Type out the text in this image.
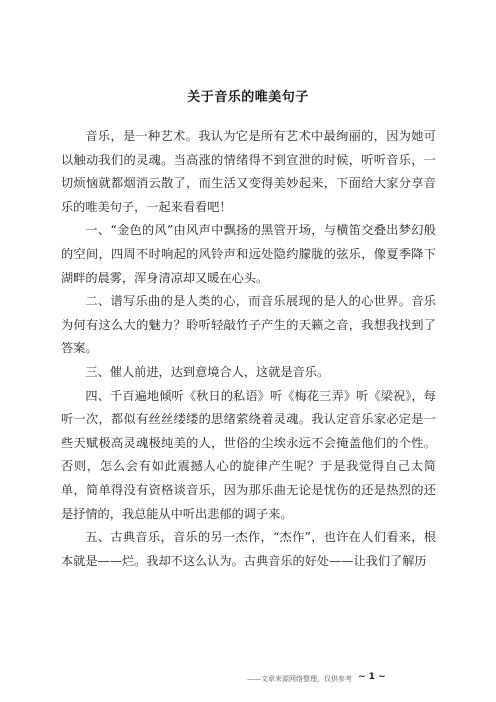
关于音乐的唯美句子

音乐，是一种艺术。我认为它是所有艺术中最绚丽的，因为她可以触动我们的灵魂。当高涨的情绪得不到宣泄的时候，听听音乐，一切烦恼就都烟消云散了，而生活又变得美妙起来，下面给大家分享音乐的唯美句子，一起来看看吧！

一、“金色的风”由风声中飘扬的黑管开场，与横笛交叠出梦幻般的空间，四周不时响起的风铃声和远处隐约朦胧的弦乐，像夏季降下湖畔的晨雾，浑身清凉却又暖在心头。

二、谱写乐曲的是人类的心，而音乐展现的是人的心世界。音乐为何有这么大的魅力？聆听轻敲竹子产生的天籁之音，我想我找到了答案。

三、催人前进，达到意境合人，这就是音乐。

四、千百遍地倾听《秋日的私语》听《梅花三弄》听《梁祝》，每听一次，都似有丝丝缕缕的思绪萦绕着灵魂。我认定音乐家必定是一些天赋极高灵魂极纯美的人，世俗的尘埃永远不会掩盖他们的个性。否则，怎么会有如此震撼人心的旋律产生呢？于是我觉得自己太简单，简单得没有资格谈音乐，因为那乐曲无论是忧伤的还是热烈的还是抒情的，我总能从中听出悲郁的调子来。

五、古典音乐，音乐的另一杰作，“杰作”，也许在人们看来，根本就是——烂。我却不这么认为。古典音乐的好处——让我们了解历

——文章来源网络整理，仅供参考 ~ 1 ~
